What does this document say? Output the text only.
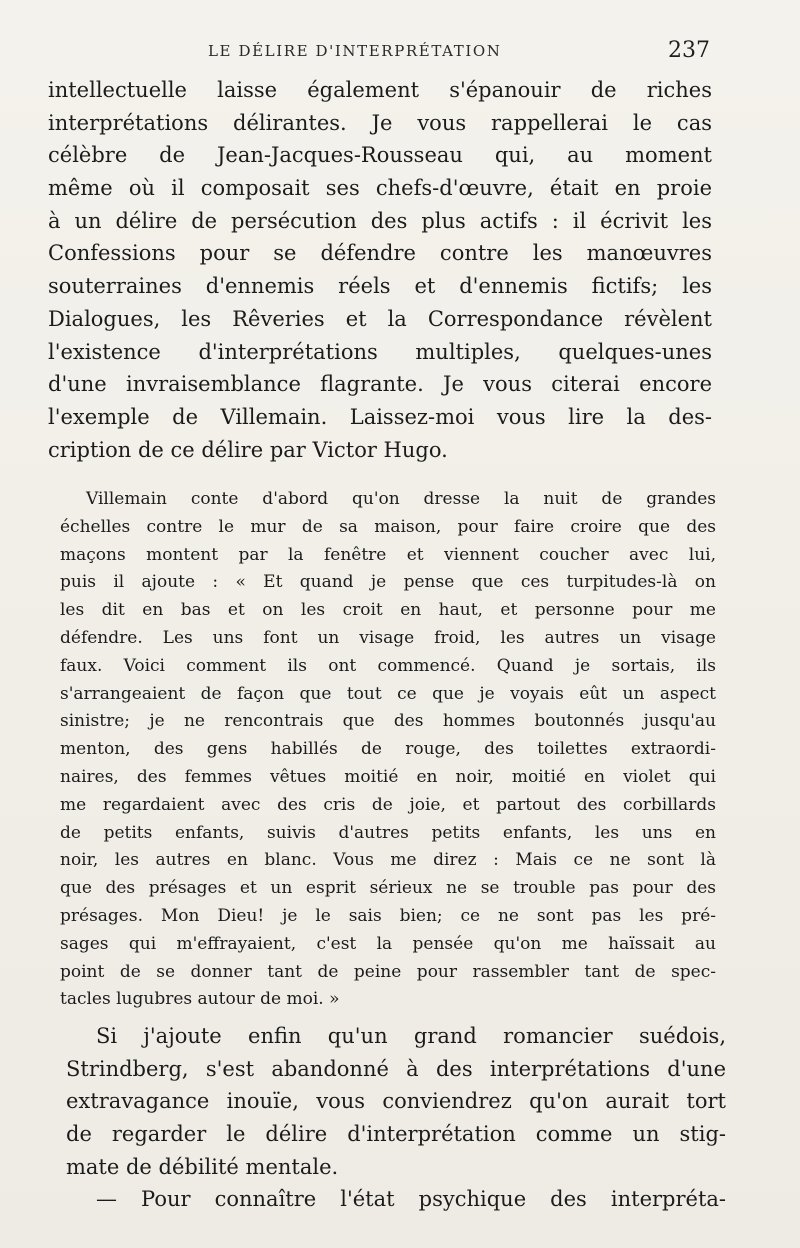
LE DÉLIRE D'INTERPRÉTATION	237
intellectuelle laisse également s'épanouir de riches
interprétations délirantes. Je vous rappellerai le cas
célèbre de Jean-Jacques-Rousseau qui, au moment
même où il composait ses chefs-d'œuvre, était en proie
à un délire de persécution des plus actifs : il écrivit les
Confessions pour se défendre contre les manœuvres
souterraines d'ennemis réels et d'ennemis fictifs; les
Dialogues, les Rêveries et la Correspondance révèlent
l'existence d'interprétations multiples, quelques-unes
d'une invraisemblance flagrante. Je vous citerai encore
l'exemple de Villemain. Laissez-moi vous lire la des-
cription de ce délire par Victor Hugo.
Villemain conte d'abord qu'on dresse la nuit de grandes
échelles contre le mur de sa maison, pour faire croire que des
maçons montent par la fenêtre et viennent coucher avec lui,
puis il ajoute : « Et quand je pense que ces turpitudes-là on
les dit en bas et on les croit en haut, et personne pour me
défendre. Les uns font un visage froid, les autres un visage
faux. Voici comment ils ont commencé. Quand je sortais, ils
s'arrangeaient de façon que tout ce que je voyais eût un aspect
sinistre; je ne rencontrais que des hommes boutonnés jusqu'au
menton, des gens habillés de rouge, des toilettes extraordi-
naires, des femmes vêtues moitié en noir, moitié en violet qui
me regardaient avec des cris de joie, et partout des corbillards
de petits enfants, suivis d'autres petits enfants, les uns en
noir, les autres en blanc. Vous me direz : Mais ce ne sont là
que des présages et un esprit sérieux ne se trouble pas pour des
présages. Mon Dieu! je le sais bien; ce ne sont pas les pré-
sages qui m'effrayaient, c'est la pensée qu'on me haïssait au
point de se donner tant de peine pour rassembler tant de spec-
tacles lugubres autour de moi. »
Si j'ajoute enfin qu'un grand romancier suédois,
Strindberg, s'est abandonné à des interprétations d'une
extravagance inouïe, vous conviendrez qu'on aurait tort
de regarder le délire d'interprétation comme un stig-
mate de débilité mentale.
— Pour connaître l'état psychique des interpréta-
